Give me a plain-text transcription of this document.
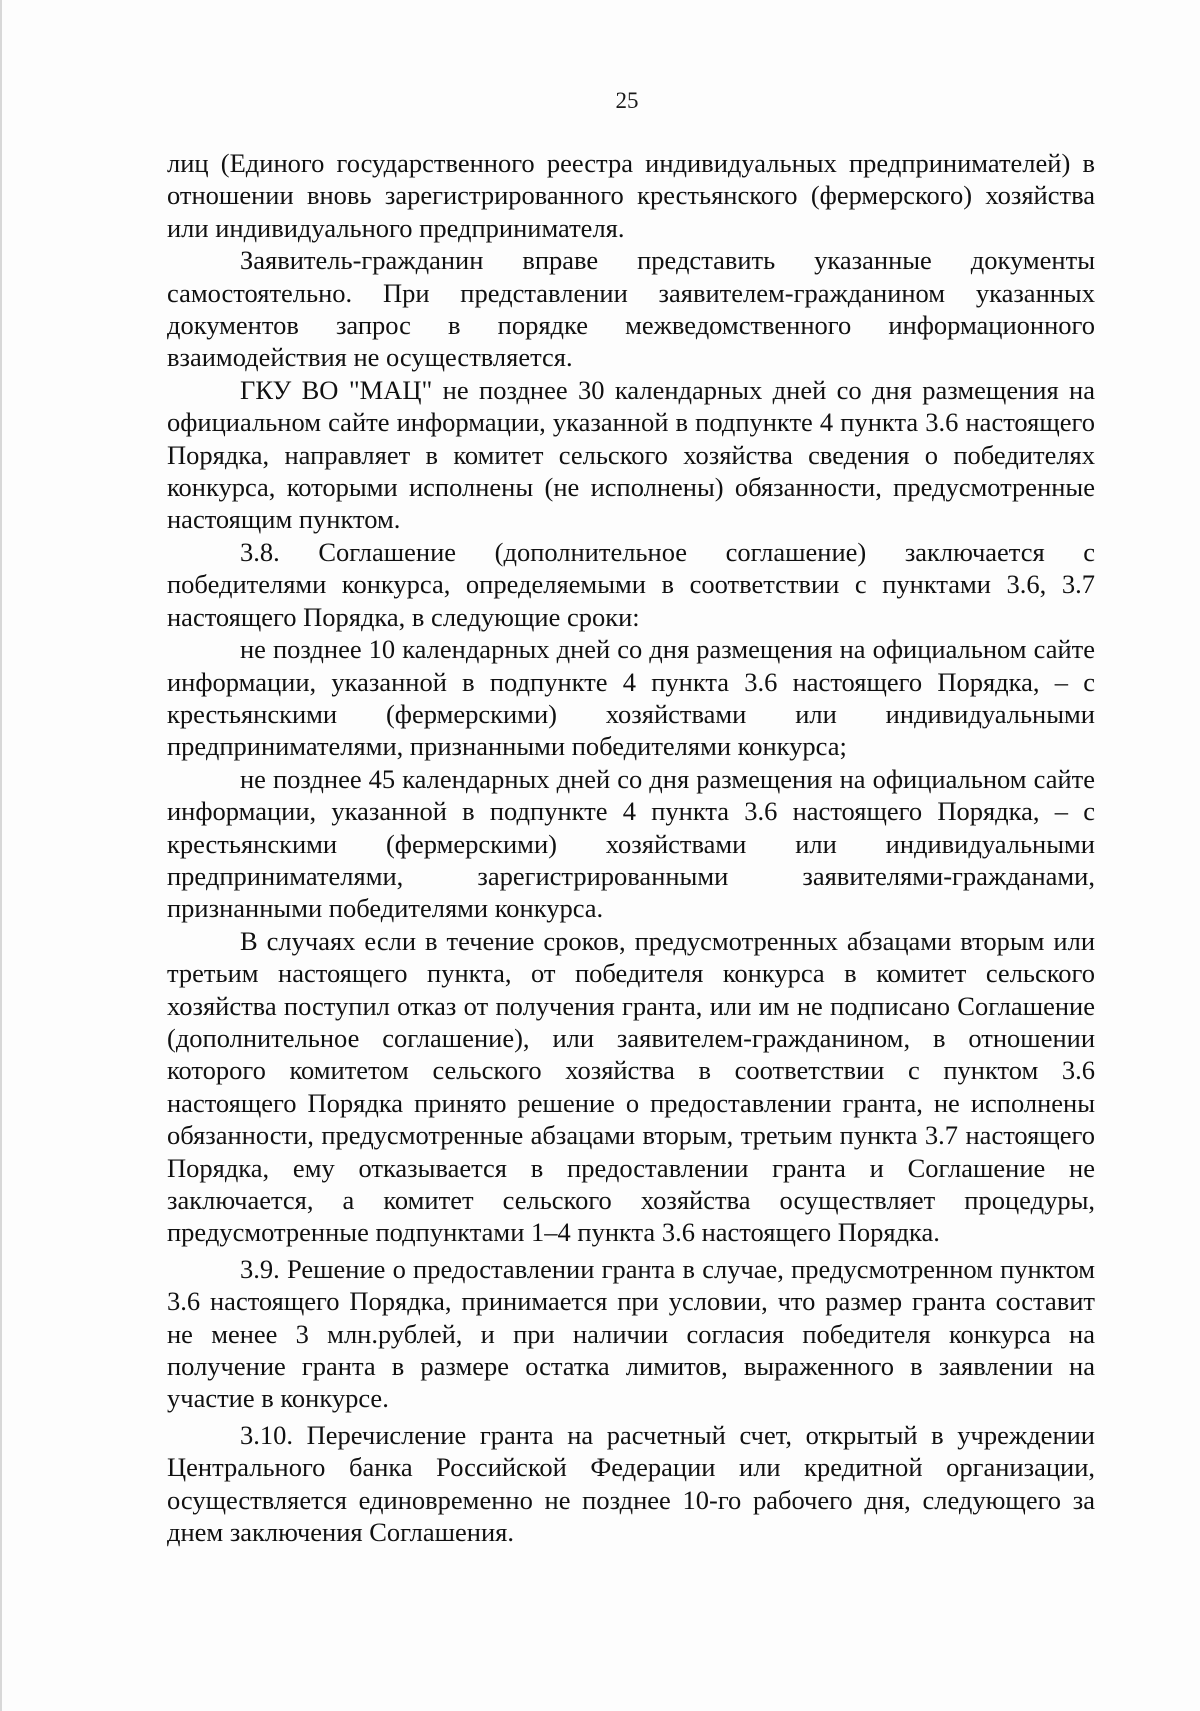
25

лиц (Единого государственного реестра индивидуальных предпринимателей) в отношении вновь зарегистрированного крестьянского (фермерского) хозяйства или индивидуального предпринимателя.

Заявитель-гражданин вправе представить указанные документы самостоятельно. При представлении заявителем-гражданином указанных документов запрос в порядке межведомственного информационного взаимодействия не осуществляется.

ГКУ ВО "МАЦ" не позднее 30 календарных дней со дня размещения на официальном сайте информации, указанной в подпункте 4 пункта 3.6 настоящего Порядка, направляет в комитет сельского хозяйства сведения о победителях конкурса, которыми исполнены (не исполнены) обязанности, предусмотренные настоящим пунктом.

3.8. Соглашение (дополнительное соглашение) заключается с победителями конкурса, определяемыми в соответствии с пунктами 3.6, 3.7 настоящего Порядка, в следующие сроки:

не позднее 10 календарных дней со дня размещения на официальном сайте информации, указанной в подпункте 4 пункта 3.6 настоящего Порядка, – с крестьянскими (фермерскими) хозяйствами или индивидуальными предпринимателями, признанными победителями конкурса;

не позднее 45 календарных дней со дня размещения на официальном сайте информации, указанной в подпункте 4 пункта 3.6 настоящего Порядка, – с крестьянскими (фермерскими) хозяйствами или индивидуальными предпринимателями, зарегистрированными заявителями-гражданами, признанными победителями конкурса.

В случаях если в течение сроков, предусмотренных абзацами вторым или третьим настоящего пункта, от победителя конкурса в комитет сельского хозяйства поступил отказ от получения гранта, или им не подписано Соглашение (дополнительное соглашение), или заявителем-гражданином, в отношении которого комитетом сельского хозяйства в соответствии с пунктом 3.6 настоящего Порядка принято решение о предоставлении гранта, не исполнены обязанности, предусмотренные абзацами вторым, третьим пункта 3.7 настоящего Порядка, ему отказывается в предоставлении гранта и Соглашение не заключается, а комитет сельского хозяйства осуществляет процедуры, предусмотренные подпунктами 1–4 пункта 3.6 настоящего Порядка.

3.9. Решение о предоставлении гранта в случае, предусмотренном пунктом 3.6 настоящего Порядка, принимается при условии, что размер гранта составит не менее 3 млн.рублей, и при наличии согласия победителя конкурса на получение гранта в размере остатка лимитов, выраженного в заявлении на участие в конкурсе.

3.10. Перечисление гранта на расчетный счет, открытый в учреждении Центрального банка Российской Федерации или кредитной организации, осуществляется единовременно не позднее 10-го рабочего дня, следующего за днем заключения Соглашения.
